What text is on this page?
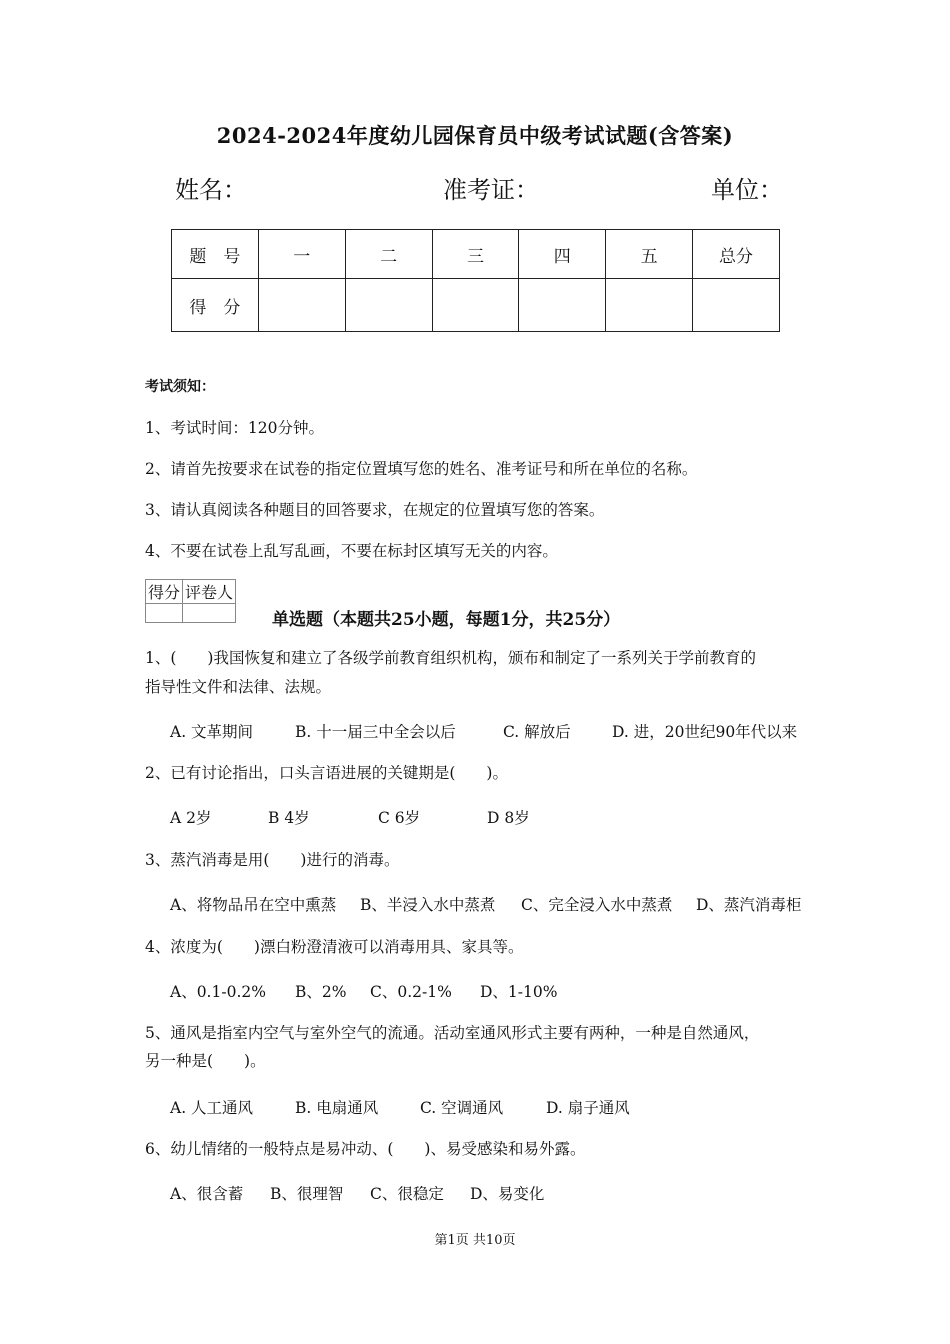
2024-2024年度幼儿园保育员中级考试试题(含答案)
姓名：	准考证：	单位：
题　号	一	二	三	四	五	总分
得　分						
考试须知：
1、考试时间：120分钟。
2、请首先按要求在试卷的指定位置填写您的姓名、准考证号和所在单位的名称。
3、请认真阅读各种题目的回答要求，在规定的位置填写您的答案。
4、不要在试卷上乱写乱画，不要在标封区填写无关的内容。
得分	评卷人

单选题（本题共25小题，每题1分，共25分）
1、(　　)我国恢复和建立了各级学前教育组织机构，颁布和制定了一系列关于学前教育的
指导性文件和法律、法规。
A. 文革期间	B. 十一届三中全会以后	C. 解放后	D. 进，20世纪90年代以来
2、已有讨论指出，口头言语进展的关键期是(　　)。
A 2岁	B 4岁	C 6岁	D 8岁
3、蒸汽消毒是用(　　)进行的消毒。
A、将物品吊在空中熏蒸 B、半浸入水中蒸煮 C、完全浸入水中蒸煮 D、蒸汽消毒柜
4、浓度为(　　)漂白粉澄清液可以消毒用具、家具等。
A、0.1-0.2% B、2% C、0.2-1% D、1-10%
5、通风是指室内空气与室外空气的流通。活动室通风形式主要有两种，一种是自然通风，
另一种是(　　)。
A. 人工通风	B. 电扇通风	C. 空调通风	D. 扇子通风
6、幼儿情绪的一般特点是易冲动、(　　)、易受感染和易外露。
A、很含蓄 B、很理智 C、很稳定 D、易变化
第1页 共10页
